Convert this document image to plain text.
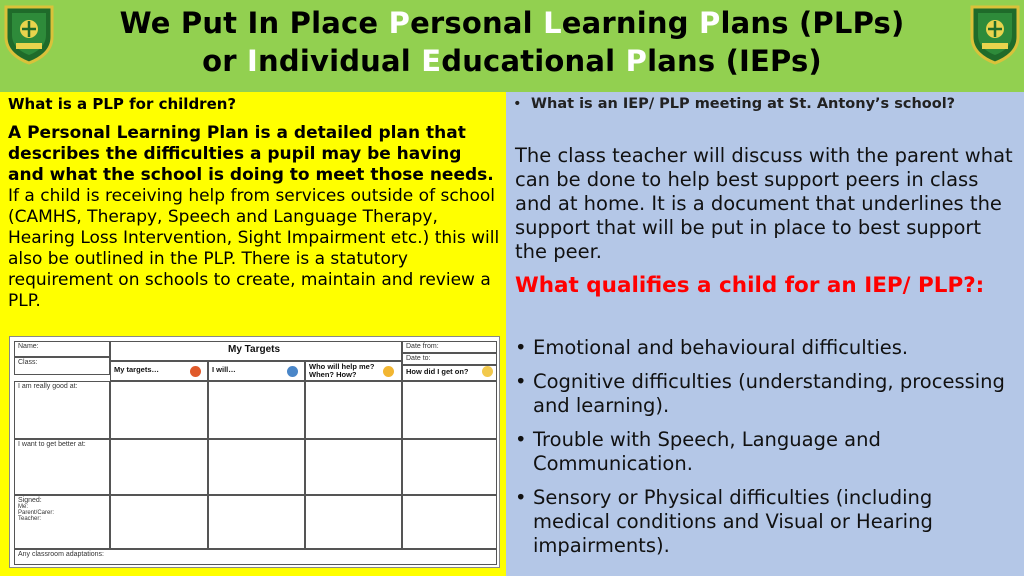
We Put In Place Personal Learning Plans (PLPs)
or Individual Educational Plans (IEPs)
What is a PLP for children?
A Personal Learning Plan is a detailed plan that describes the difficulties a pupil may be having and what the school is doing to meet those needs. If a child is receiving help from services outside of school (CAMHS, Therapy, Speech and Language Therapy, Hearing Loss Intervention, Sight Impairment etc.) this will also be outlined in the PLP. There is a statutory requirement on schools to create, maintain and review a PLP.
Name:
Class:
My Targets	Date from:
Date to:
My targets…	I will…	Who will help me? When? How?	How did I get on?
I am really good at:
I want to get better at:
Signed:
Me:
Parent/Carer:
Teacher:
Any classroom adaptations:
• What is an IEP/ PLP meeting at St. Antony’s school?
The class teacher will discuss with the parent what can be done to help best support peers in class and at home. It is a document that underlines the support that will be put in place to best support the peer.
What qualifies a child for an IEP/ PLP?:
• Emotional and behavioural difficulties.
• Cognitive difficulties (understanding, processing and learning).
• Trouble with Speech, Language and Communication.
• Sensory or Physical difficulties (including medical conditions and Visual or Hearing impairments).
